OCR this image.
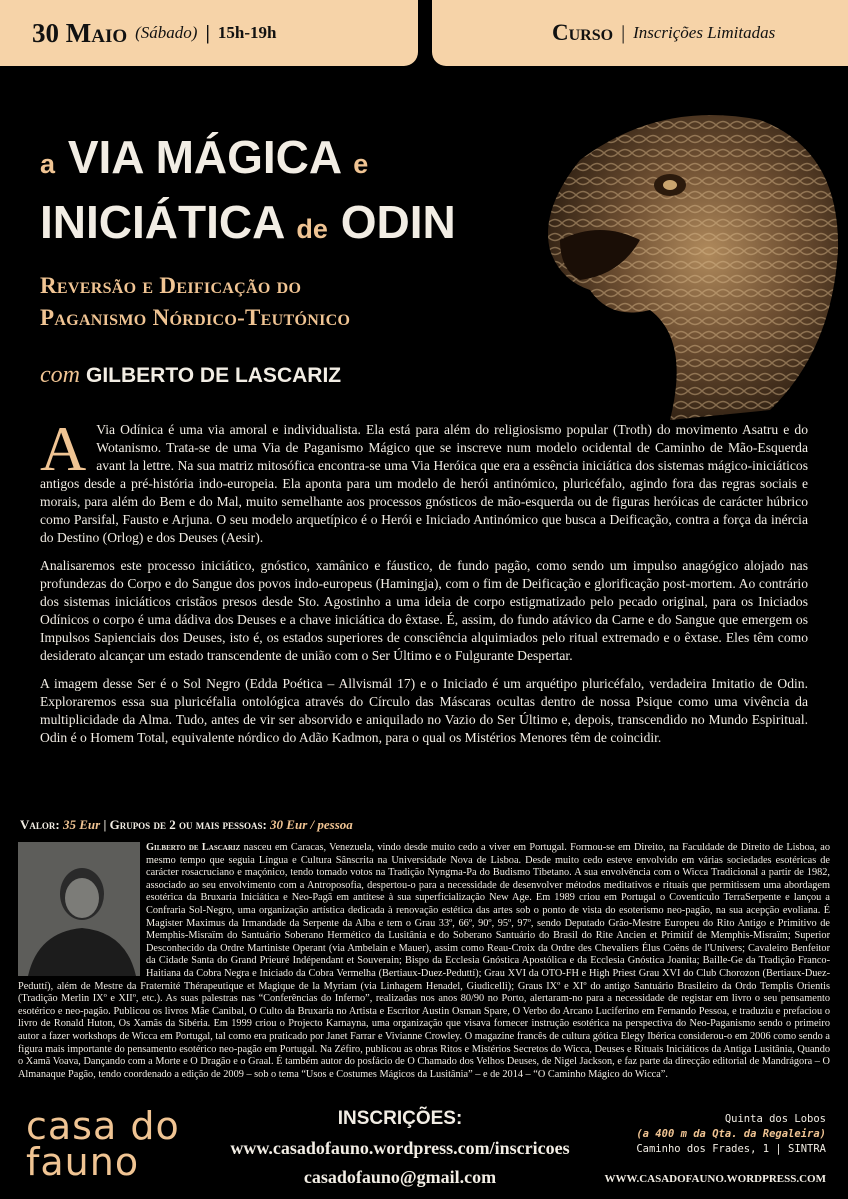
30 Maio (Sábado) | 15h-19h	Curso | Inscrições Limitadas
a VIA MÁGICA e
INICIÁTICA de ODIN
Reversão e Deificação do
Paganismo Nórdico-Teutónico
com GILBERTO DE LASCARIZ

A Via Odínica é uma via amoral e individualista. Ela está para além do religiosismo popular (Troth) do movimento Asatru e do Wotanismo. Trata-se de uma Via de Paganismo Mágico que se inscreve num modelo ocidental de Caminho de Mão-Esquerda avant la lettre. Na sua matriz mitosófica encontra-se uma Via Heróica que era a essência iniciática dos sistemas mágico-iniciáticos antigos desde a pré-história indo-europeia. Ela aponta para um modelo de herói antinómico, pluricéfalo, agindo fora das regras sociais e morais, para além do Bem e do Mal, muito semelhante aos processos gnósticos de mão-esquerda ou de figuras heróicas de carácter húbrico como Parsifal, Fausto e Arjuna. O seu modelo arquetípico é o Herói e Iniciado Antinómico que busca a Deificação, contra a força da inércia do Destino (Orlog) e dos Deuses (Aesir).

Analisaremos este processo iniciático, gnóstico, xamânico e fáustico, de fundo pagão, como sendo um impulso anagógico alojado nas profundezas do Corpo e do Sangue dos povos indo-europeus (Hamingja), com o fim de Deificação e glorificação post-mortem. Ao contrário dos sistemas iniciáticos cristãos presos desde Sto. Agostinho a uma ideia de corpo estigmatizado pelo pecado original, para os Iniciados Odínicos o corpo é uma dádiva dos Deuses e a chave iniciática do êxtase. É, assim, do fundo atávico da Carne e do Sangue que emergem os Impulsos Sapienciais dos Deuses, isto é, os estados superiores de consciência alquimiados pelo ritual extremado e o êxtase. Eles têm como desiderato alcançar um estado transcendente de união com o Ser Último e o Fulgurante Despertar.

A imagem desse Ser é o Sol Negro (Edda Poética – Allvismál 17) e o Iniciado é um arquétipo pluricéfalo, verdadeira Imitatio de Odin. Exploraremos essa sua pluricéfalia ontológica através do Círculo das Máscaras ocultas dentro de nossa Psique como uma vivência da multiplicidade da Alma. Tudo, antes de vir ser absorvido e aniquilado no Vazio do Ser Último e, depois, transcendido no Mundo Espiritual. Odin é o Homem Total, equivalente nórdico do Adão Kadmon, para o qual os Mistérios Menores têm de coincidir.

Valor: 35 Eur | Grupos de 2 ou mais pessoas: 30 Eur / pessoa
Gilberto de Lascariz nasceu em Caracas, Venezuela, vindo desde muito cedo a viver em Portugal. Formou-se em Direito, na Faculdade de Direito de Lisboa, ao mesmo tempo que seguia Língua e Cultura Sânscrita na Universidade Nova de Lisboa. Desde muito cedo esteve envolvido em várias sociedades esotéricas de carácter rosacruciano e maçónico, tendo tomado votos na Tradição Nyngma-Pa do Budismo Tibetano. A sua envolvência com o Wicca Tradicional a partir de 1982, associado ao seu envolvimento com a Antroposofia, despertou-o para a necessidade de desenvolver métodos meditativos e rituais que permitissem uma abordagem esotérica da Bruxaria Iniciática e Neo-Pagã em antítese à sua superficialização New Age. Em 1989 criou em Portugal o Coventículo TerraSerpente e lançou a Confraria Sol-Negro, uma organização artística dedicada à renovação estética das artes sob o ponto de vista do esoterismo neo-pagão, na sua acepção evoliana. É Magister Maximus da Irmandade da Serpente da Alba e tem o Grau 33º, 66º, 90º, 95º, 97º, sendo Deputado Grão-Mestre Europeu do Rito Antigo e Primitivo de Memphis-Misraïm do Santuário Soberano Hermético da Lusitânia e do Soberano Santuário do Brasil do Rite Ancien et Primitif de Memphis-Misraïm; Superior Desconhecido da Ordre Martiniste Operant (via Ambelain e Mauer), assim como Reau-Croix da Ordre des Chevaliers Élus Coëns de l'Univers; Cavaleiro Benfeitor da Cidade Santa do Grand Prieuré Indépendant et Souverain; Bispo da Ecclesia Gnóstica Apostólica e da Ecclesia Gnóstica Joanita; Baille-Ge da Tradição Franco-Haitiana da Cobra Negra e Iniciado da Cobra Vermelha (Bertiaux-Duez-Peduttí); Grau XVI da OTO-FH e High Priest Grau XVI do Club Chorozon (Bertiaux-Duez-Peduttí), além de Mestre da Fraternité Thérapeutique et Magique de la Myriam (via Linhagem Henadel, Giudicelli); Graus IXº e XIº do antigo Santuário Brasileiro da Ordo Templis Orientis (Tradição Merlin IXº e XIIº, etc.). As suas palestras nas “Conferências do Inferno”, realizadas nos anos 80/90 no Porto, alertaram-no para a necessidade de registar em livro o seu pensamento esotérico e neo-pagão. Publicou os livros Mãe Canibal, O Culto da Bruxaria no Artista e Escritor Austin Osman Spare, O Verbo do Arcano Luciferino em Fernando Pessoa, e traduziu e prefaciou o livro de Ronald Huton, Os Xamãs da Sibéria. Em 1999 criou o Projecto Karnayna, uma organização que visava fornecer instrução esotérica na perspectiva do Neo-Paganismo sendo o primeiro autor a fazer workshops de Wicca em Portugal, tal como era praticado por Janet Farrar e Vivianne Crowley. O magazine francês de cultura gótica Elegy Ibérica considerou-o em 2006 como sendo a figura mais importante do pensamento esotérico neo-pagão em Portugal. Na Zéfiro, publicou as obras Ritos e Mistérios Secretos do Wicca, Deuses e Rituais Iniciáticos da Antiga Lusitânia, Quando o Xamã Voava, Dançando com a Morte e O Dragão e o Graal. É também autor do posfácio de O Chamado dos Velhos Deuses, de Nigel Jackson, e faz parte da direcção editorial de Mandrágora – O Almanaque Pagão, tendo coordenado a edição de 2009 – sob o tema “Usos e Costumes Mágicos da Lusitânia” – e de 2014 – “O Caminho Mágico do Wicca”.
casa do
fauno
INSCRIÇÕES:
www.casadofauno.wordpress.com/inscricoes
casadofauno@gmail.com
Quinta dos Lobos
(a 400 m da Qta. da Regaleira)
Caminho dos Frades, 1 | SINTRA
WWW.CASADOFAUNO.WORDPRESS.COM
